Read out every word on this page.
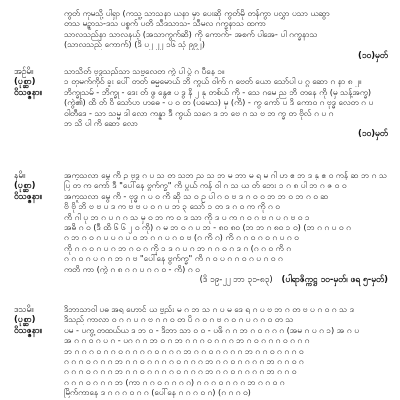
ကွတ် ကုမသို့ ပါရှာ (ကသူ့ သာသနာ ယနာ မှာ ပေးဆို ကွတ်မို တန်ကွာ ပလွှာ ပသာ ယဆွာ
တသ မဥ္စာသ-ဒသ ပစ္စက် ပတိ သီဒသာသ- သီမလ ဂက္ခနာသ ထကာ
သာလသည်နာ သာလနယ့် (အသာကွက်ဆိ) ကို ကောက်- အစက် ပါအေ- ပါ ဂက္ခနာသ
(သာလသည် ကောက်) (ဒိ ပ၂ ၂၂ ၁၆ သုံ ၉၉၂)
(၁၀)မှတ်
အဥ်မိ။	သာသိတ် ဗုဒ္ဓသည်သာ သဗ္ဗလေတ ကွဲ ပါ ပွဲ ဂ ပီနေ ၁။
(ပုစ္ဆာ)	၁ တုမက်ကိုဝ် ခူး ပေါ် တတ် ဓမ္မမောယ် ဘိ ကွယ် ဝါက် ဂ ဗေတ် ယော သော်ပါ ပ ဂွ ဆော ဂ နာ ၈ ၂။
ဝိသဇ္ဇနာ။	ဘိက္ခုသမ် - ဘိက္ခု - ဒေး တ် ဖွ နွေဧ ပ ဒွ နိ ၂ နု တစ်ယ် ကို - သေ ဂမေ ည ဘိ တနေ ကို (မှ သန့်အက္ခ)
(ကွဲ၏) ထိ တ် ဝိ သော်ပာ ဟဓေ - ပ ဝ တ (ပမေသ) မှ (ကိ) - ကွ ကော် ပ ဒိ ကောဝ ဂ ဗုဒ္ဓ လေတ ဂ ပ
ဝါတီဒေ - သာ သမ္မ ဒါ လော ကန္နာ ဒီ ကွယ် သဂေ ဒ ဘ ဗေ ဂ သ ဗ ဘ က္ခ တ ဗိုလ် ဂ ပ ဂ
ဘ သိ ပါ ကိ ဆော လော
(၁၀)မှတ်
နမိ။	အကူသလာ မွေ ကိ ဥ ဗုဒ္ဓ ဂ ပ သ တ သဘ ည သ ဘ မ ဘာ မ ရ မ ဂါ ဟ ဧ ဘ ဒ နှ ဧ ၀ ကန် ဆ ဘ ဂ သ
(ပုစ္ဆာ)	ပြ တ က ကော် ဒီ "ပေါ်နေ ဗွက်က္ခ" ကိ ပွယ် ကန် ဝါ ဂ သ ယ တ် ဘေး ၁ ဂ ၈ ပါ ဘ ဂ ဇ ဝ ၀
ဝိသဇ္ဇနာ။	အကူသလာ မွေ ကိ - ဗုဒ္ဓ ဂ ပ ဝ ကိ ဆို သ ဝ ဥ ပါ ဂ ဝ ဗ ဒ ဂ ဝ ဝ ဘ ဘ ဝ ဘ ဂ ၀ ဆ
ဗိ ဗို ဘိ ဗ ဗ ပ ဒ က ဗ ဗ ပ ဝ ဂ ပ ဘ ၃ သော် ၁ တ ဒ ဂ ဝ က ကို ဂ ဝ
ကိ ဂါ ပု ဘ ဂ ပ ဂ ဂ သ မှ ဝ ဘ က ဝ ဒ သာ ကို ဒ ပ က ဂ ဝ ဂ ဗ ဂ ပ ဂ ဗ ဝ ၁
အဓိ ဂ ဝ (ဒီ ထိ ၆ ၆ ၂ ၀ ကို) ဂ မ ဘ ဝ ဂ ပ ဘ - ၈၀ ၈၀ (ဘ ဘ ဂ ၈၀ ၁ ၀) (ဘ ဂ ဂ ပ ဝ ဂ
ဂ ဘ ဂ ဝ ဂ ပ ပ ဂ ပ ဝ ဘ ဂ ဂ ပ ဂ ဝ ဗ (ဂ ကိ ဂ) ကိ ဂ ဂ ဝ ဂ ဝ ဂ ပ ဂ ၀
ကို ဂ ဂ ဝ ဂ ပ ဂ ဘ ဂ ဝ ဂ ကို ၁ ဒ ဂ ပ ဂ ဘ ဂ ဂ ဝ ဂ ဒ ဂ (ဂ ဂ ဝ ကိ ဂ
ဂ ဂ ဝ ဂ ပ ဂ ဂ ဘ ဂ ဗ "ပေါ်နေ ဗွက်က္ခ" ကိ ဂ ဝ ပ ဂ ဂ ဝ ဂ ပ ဂ ဝ ဂ
ကတိ ကာ (ကွဲ ဂ ၈ ဂ ဂ ပ ဂ ဂ ဝ - ကိ) ဂ ဝ
(ဒိ ၁၉-၂၂ ဘာ ၃၁-၈၃) (ပါရာဇိက္ကဋ္ဌ ၁၀-မှတ်၊ ဖရ ၅-မှတ်)
ဒသမိ။	ဒိဘာသာဝါ ပဓ အရ ဟောင် ယ ဗ္ဗည်း မ ဂ ဘ သ ဂ ပ မ ဒေ ရ ဂ ပ ဗ ဘ ဂ တ ဗ ပ ဂ ဝ ဂ သ ဒ
(ပုစ္ဆာ)	ဒိသည် ကာလာ ဝ ဂ ဂ ပ ဂ ဗ ဂ ဂ ဝ တ ပိ ဂ ဝ ဂ ဗ ဂ ဝ ဂ ပ ဂ ဂ ဝ တ သ
ဝိသဇ္ဇနာ။	ပမ - ပကွ့ တထယ်ယ ဒ ဘ ဝ - ဒိဘာ သာ ဝ ဝ - ပဖိ ဂ ဂ ဘ ဂ ဝ ဂ ဂ ဂ (အမ ဂ ပ ဂ ၁) အ ဂ ပ
အ ဂ ဂ ဝ ဂ ပ ဂ - ပဂ ဂ ဂ ဘ ဝ ဂ ဘ ဂ ဂ ဂ ဝ ဂ ဂ ဂ ဘ ဂ ဝ ဂ ဂ ဂ ဝ ဂ ဂ ဂ
ဘ ဂ ဂ ဂ ဝ ဂ ဂ ဝ ဂ ဂ ဂ ဂ ဝ ဂ ဂ ဂ ဘ ဂ ဂ ဝ ဂ ဂ ဂ ဂ ဘ ဂ ဂ ဝ ဂ ဂ ဂ ဝ
ဂ ဂ ဂ ဝ ဂ ဂ ဂ ဘ ဂ ဂ ဝ ဂ ဂ ဂ ဂ ဝ ဂ ဂ ဂ ဘ ဂ ဂ ဝ ဂ ဂ ဂ ဂ ဘ ဂ ဂ ဝ ဂ
ဂ ဂ ဂ ဝ ဂ ဂ ဂ ဘ ဂ ဂ ဝ ဂ ဂ ဂ ဂ ဝ ဂ ဂ ဂ ဘ ဂ ဂ ဝ ဂ ဂ ဂ ဂ ဘ ဂ ဂ ဝ
ဂ ဂ ဂ ဝ ဂ ဂ ဂ ဘ (ကာ ဂ ဂ ဝ ဂ ဂ ဂ ဂ) ဂ ဂ ဂ ဝ ဂ ဂ ဂ ဘ ဂ ဂ ဝ ဂ
မြိက်ကာနေ ဒ ဂ ဂ ဂ ဝ ဂ ဂ (ပေါ်နေ ဂ ဂ ဂ ဝ ဂ) (ဂ ဂ ဂ ဝ)
